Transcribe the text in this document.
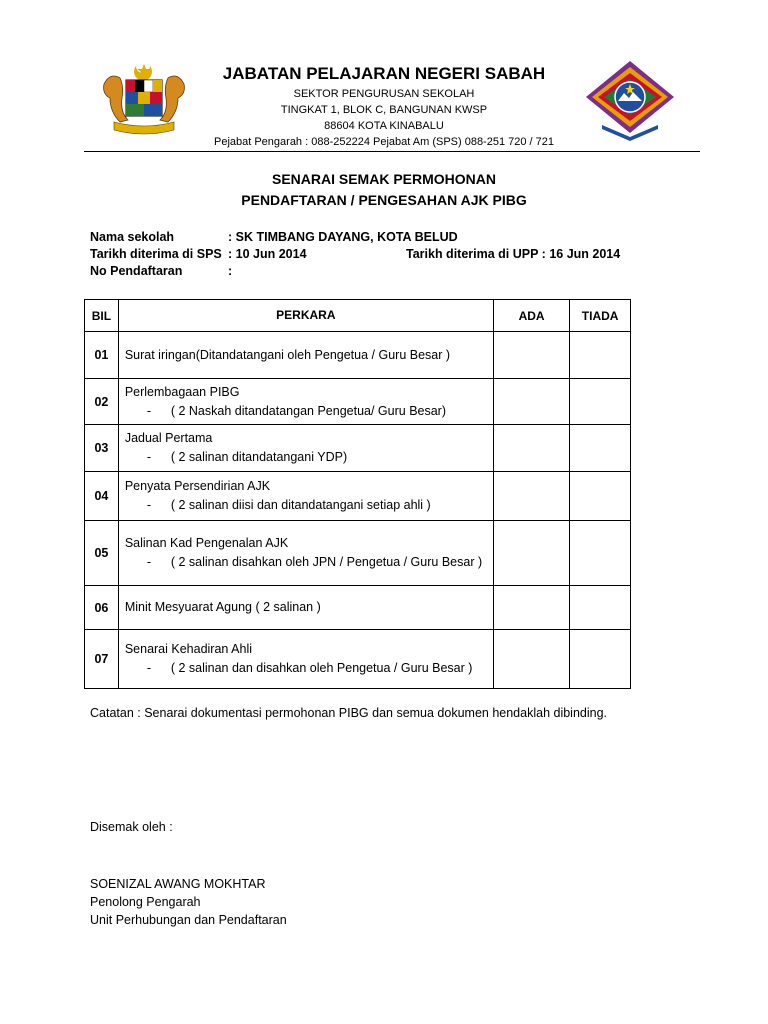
JABATAN PELAJARAN NEGERI SABAH
SEKTOR PENGURUSAN SEKOLAH
TINGKAT 1, BLOK C, BANGUNAN KWSP
88604 KOTA KINABALU
Pejabat Pengarah : 088-252224 Pejabat Am (SPS) 088-251 720 / 721
SENARAI SEMAK PERMOHONAN
PENDAFTARAN / PENGESAHAN AJK PIBG
Nama sekolah	: SK TIMBANG DAYANG, KOTA BELUD
Tarikh diterima di SPS : 10 Jun 2014	Tarikh diterima di UPP : 16 Jun 2014
No Pendaftaran	:
BIL	PERKARA	ADA	TIADA
01	Surat iringan(Ditandatangani oleh Pengetua / Guru Besar )		

02	Perlembagaan PIBG
- ( 2 Naskah ditandatangan Pengetua/ Guru Besar)		

03	Jadual Pertama
- ( 2 salinan ditandatangani YDP)		

04	Penyata Persendirian AJK
- ( 2 salinan diisi dan ditandatangani setiap ahli )		

05	Salinan Kad Pengenalan AJK
- ( 2 salinan disahkan oleh JPN / Pengetua / Guru Besar )		

06	Minit Mesyuarat Agung ( 2 salinan )		

07	Senarai Kehadiran Ahli
- ( 2 salinan dan disahkan oleh Pengetua / Guru Besar )		

Catatan : Senarai dokumentasi permohonan PIBG dan semua dokumen hendaklah dibinding.
Disemak oleh :
SOENIZAL AWANG MOKHTAR
Penolong Pengarah
Unit Perhubungan dan Pendaftaran
